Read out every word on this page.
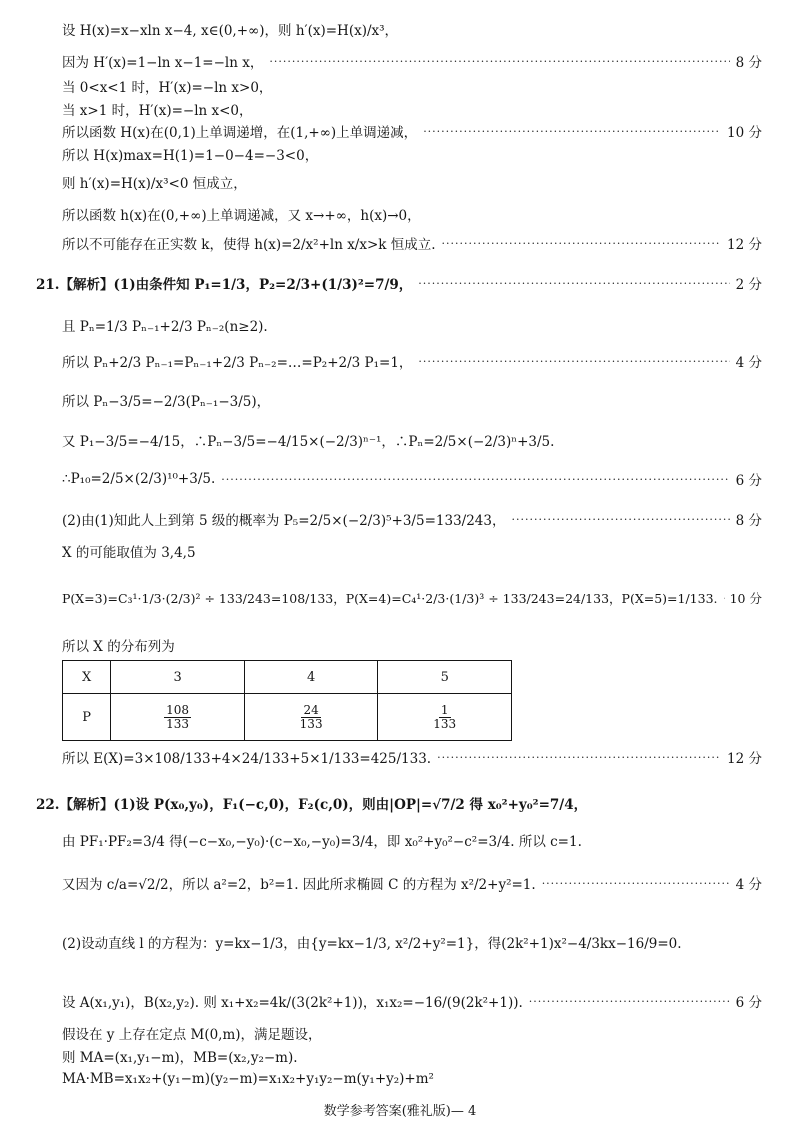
设 H(x)=x−xln x−4, x∈(0,+∞)，则 h′(x)=H(x)/x³，
因为 H′(x)=1−ln x−1=−ln x， ·····	8 分
当 0<x<1 时，H′(x)=−ln x>0，
当 x>1 时，H′(x)=−ln x<0，
所以函数 H(x)在(0,1)上单调递增，在(1,+∞)上单调递减， ·····	10 分
所以 H(x)max=H(1)=1−0−4=−3<0，
则 h′(x)=H(x)/x³<0 恒成立，
所以函数 h(x)在(0,+∞)上单调递减，又 x→+∞，h(x)→0，
所以不可能存在正实数 k，使得 h(x)=2/x²+ln x/x>k 恒成立. ·····	12 分
21.【解析】(1)由条件知 P₁=1/3，P₂=2/3+(1/3)²=7/9， ·····	2 分
且 Pₙ=1/3 Pₙ₋₁+2/3 Pₙ₋₂(n≥2).
所以 Pₙ+2/3 Pₙ₋₁=Pₙ₋₁+2/3 Pₙ₋₂=…=P₂+2/3 P₁=1， ·····	4 分
所以 Pₙ−3/5=−2/3(Pₙ₋₁−3/5)，
又 P₁−3/5=−4/15，∴Pₙ−3/5=−4/15×(−2/3)ⁿ⁻¹，∴Pₙ=2/5×(−2/3)ⁿ+3/5.
∴P₁₀=2/5×(2/3)¹⁰+3/5. ·····	6 分
(2)由(1)知此人上到第 5 级的概率为 P₅=2/5×(−2/3)⁵+3/5=133/243， ·····	8 分
X 的可能取值为 3,4,5
P(X=3)=C₃¹·1/3·(2/3)² ÷ 133/243=108/133，P(X=4)=C₄¹·2/3·(1/3)³ ÷ 133/243=24/133，P(X=5)=1/133. ····· 10 分
所以 X 的分布列为
X	3	4	5
P	$\frac{108}{133}$	$\frac{24}{133}$	$\frac{1}{133}$
所以 E(X)=3×108/133+4×24/133+5×1/133=425/133. ·····	12 分
22.【解析】(1)设 P(x₀,y₀)，F₁(−c,0)，F₂(c,0)，则由|OP|=√7/2 得 x₀²+y₀²=7/4，
由 PF₁·PF₂=3/4 得(−c−x₀,−y₀)·(c−x₀,−y₀)=3/4，即 x₀²+y₀²−c²=3/4. 所以 c=1.
又因为 c/a=√2/2，所以 a²=2，b²=1. 因此所求椭圆 C 的方程为 x²/2+y²=1. ·····	4 分
(2)设动直线 l 的方程为：y=kx−1/3，由{y=kx−1/3, x²/2+y²=1}，得(2k²+1)x²−4/3kx−16/9=0.
设 A(x₁,y₁)，B(x₂,y₂). 则 x₁+x₂=4k/(3(2k²+1))，x₁x₂=−16/(9(2k²+1)). ·····	6 分
假设在 y 上存在定点 M(0,m)，满足题设，
则 MA=(x₁,y₁−m)，MB=(x₂,y₂−m).
MA·MB=x₁x₂+(y₁−m)(y₂−m)=x₁x₂+y₁y₂−m(y₁+y₂)+m²
数学参考答案(雅礼版)— 4
